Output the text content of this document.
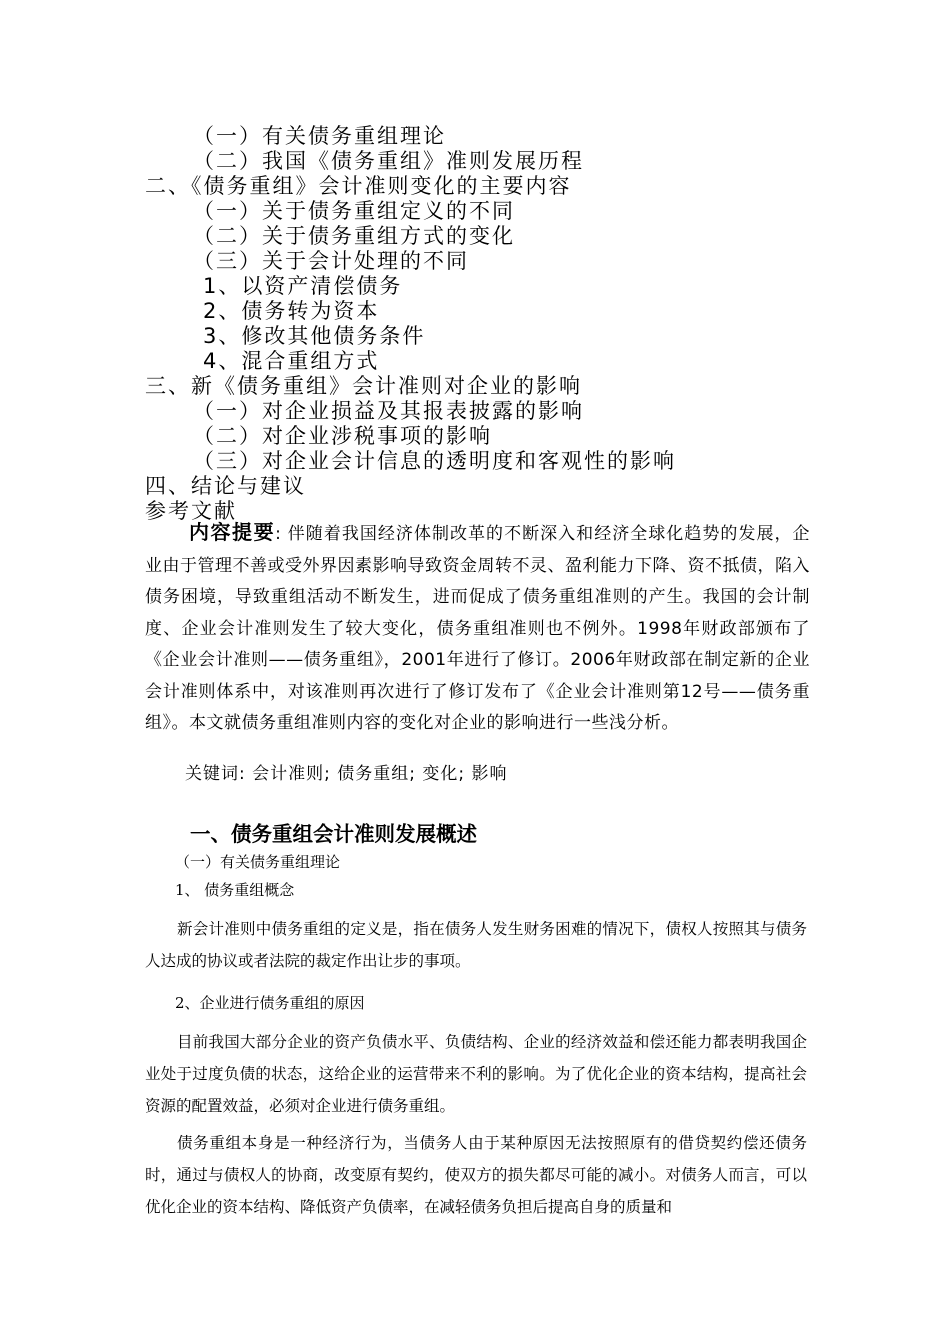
（一）有关债务重组理论
（二）我国《债务重组》准则发展历程
二、《债务重组》会计准则变化的主要内容
（一）关于债务重组定义的不同
（二）关于债务重组方式的变化
（三）关于会计处理的不同
1、以资产清偿债务
2、债务转为资本
3、修改其他债务条件
4、混合重组方式
三、新《债务重组》会计准则对企业的影响
（一）对企业损益及其报表披露的影响
（二）对企业涉税事项的影响
（三）对企业会计信息的透明度和客观性的影响
四、结论与建议
参考文献

内容提要: 伴随着我国经济体制改革的不断深入和经济全球化趋势的发展，企业由于管理不善或受外界因素影响导致资金周转不灵、盈利能力下降、资不抵债，陷入债务困境，导致重组活动不断发生，进而促成了债务重组准则的产生。我国的会计制度、企业会计准则发生了较大变化，债务重组准则也不例外。1998年财政部颁布了《企业会计准则——债务重组》，2001年进行了修订。2006年财政部在制定新的企业会计准则体系中，对该准则再次进行了修订发布了《企业会计准则第12号——债务重组》。本文就债务重组准则内容的变化对企业的影响进行一些浅分析。

关键词: 会计准则; 债务重组; 变化; 影响
一、债务重组会计准则发展概述
（一）有关债务重组理论
1、 债务重组概念

新会计准则中债务重组的定义是，指在债务人发生财务困难的情况下，债权人按照其与债务人达成的协议或者法院的裁定作出让步的事项。

2、企业进行债务重组的原因

目前我国大部分企业的资产负债水平、负债结构、企业的经济效益和偿还能力都表明我国企业处于过度负债的状态，这给企业的运营带来不利的影响。为了优化企业的资本结构，提高社会资源的配置效益，必须对企业进行债务重组。

债务重组本身是一种经济行为，当债务人由于某种原因无法按照原有的借贷契约偿还债务时，通过与债权人的协商，改变原有契约，使双方的损失都尽可能的减小。对债务人而言，可以优化企业的资本结构、降低资产负债率，在减轻债务负担后提高自身的质量和
